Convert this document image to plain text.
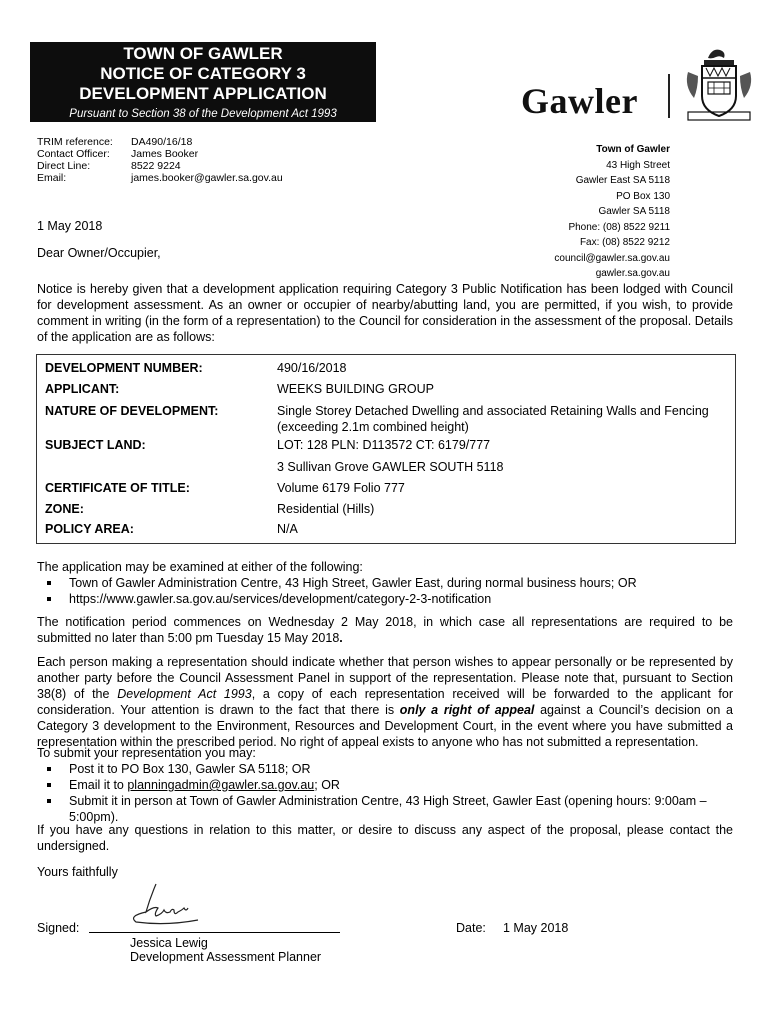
TOWN OF GAWLER
NOTICE OF CATEGORY 3
DEVELOPMENT APPLICATION
Pursuant to Section 38 of the Development Act 1993	Gawler
TRIM reference:	DA490/16/18
Contact Officer:	James Booker
Direct Line:	8522 9224
Email:	james.booker@gawler.sa.gov.au
Town of Gawler
43 High Street
Gawler East SA 5118
PO Box 130
Gawler SA 5118
Phone: (08) 8522 9211
Fax: (08) 8522 9212
council@gawler.sa.gov.au
gawler.sa.gov.au
1 May 2018
Dear Owner/Occupier,
Notice is hereby given that a development application requiring Category 3 Public Notification has been lodged with Council for development assessment. As an owner or occupier of nearby/abutting land, you are permitted, if you wish, to provide comment in writing (in the form of a representation) to the Council for consideration in the assessment of the proposal. Details of the application are as follows:
DEVELOPMENT NUMBER:	490/16/2018
APPLICANT:	WEEKS BUILDING GROUP
NATURE OF DEVELOPMENT:	Single Storey Detached Dwelling and associated Retaining Walls and Fencing (exceeding 2.1m combined height)
SUBJECT LAND:	LOT: 128 PLN: D113572 CT: 6179/777
3 Sullivan Grove GAWLER SOUTH 5118
CERTIFICATE OF TITLE:	Volume 6179 Folio 777
ZONE:	Residential (Hills)
POLICY AREA:	N/A
The application may be examined at either of the following:
Town of Gawler Administration Centre, 43 High Street, Gawler East, during normal business hours; OR
https://www.gawler.sa.gov.au/services/development/category-2-3-notification
The notification period commences on Wednesday 2 May 2018, in which case all representations are required to be submitted no later than 5:00 pm Tuesday 15 May 2018.
Each person making a representation should indicate whether that person wishes to appear personally or be represented by another party before the Council Assessment Panel in support of the representation. Please note that, pursuant to Section 38(8) of the Development Act 1993, a copy of each representation received will be forwarded to the applicant for consideration. Your attention is drawn to the fact that there is only a right of appeal against a Council’s decision on a Category 3 development to the Environment, Resources and Development Court, in the event where you have submitted a representation within the prescribed period. No right of appeal exists to anyone who has not submitted a representation.
To submit your representation you may:
Post it to PO Box 130, Gawler SA 5118; OR
Email it to planningadmin@gawler.sa.gov.au; OR
Submit it in person at Town of Gawler Administration Centre, 43 High Street, Gawler East (opening hours: 9:00am – 5:00pm).
If you have any questions in relation to this matter, or desire to discuss any aspect of the proposal, please contact the undersigned.
Yours faithfully
Signed:
Jessica Lewig
Development Assessment Planner
Date: 1 May 2018
